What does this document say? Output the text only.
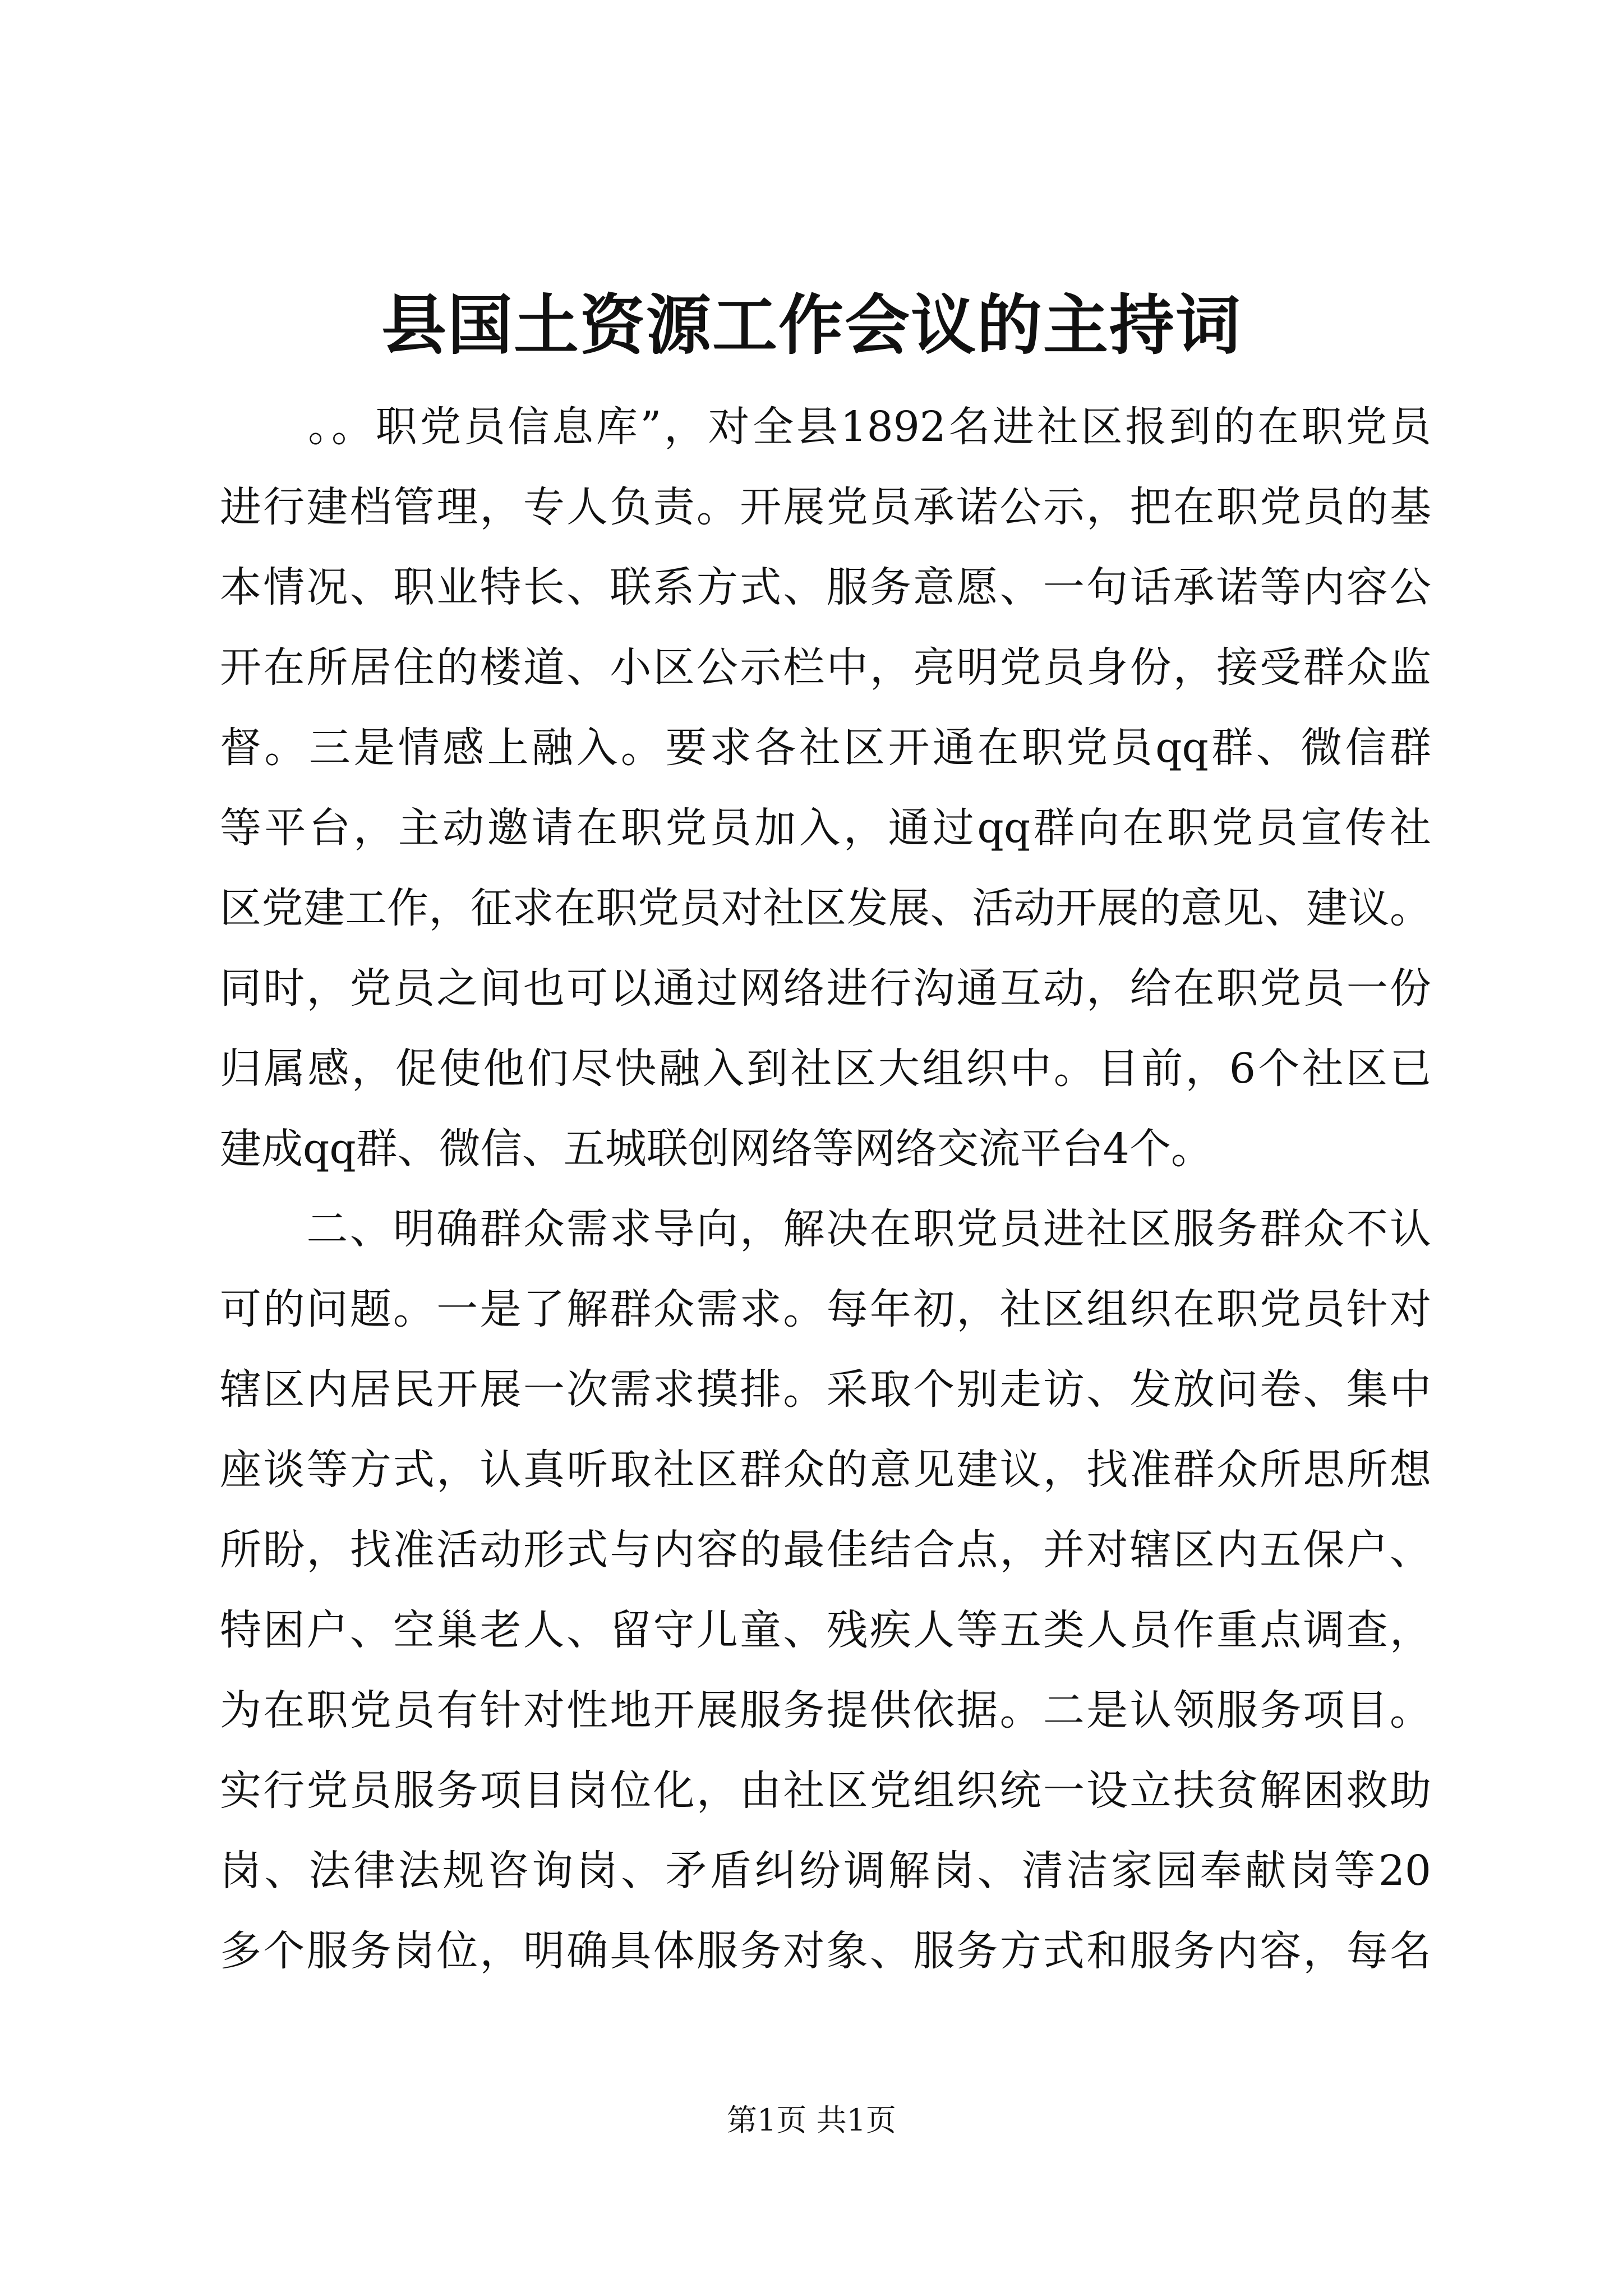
县国土资源工作会议的主持词
　　。。职党员信息库”，对全县1892名进社区报到的在职党员
进行建档管理，专人负责。开展党员承诺公示，把在职党员的基
本情况、职业特长、联系方式、服务意愿、一句话承诺等内容公
开在所居住的楼道、小区公示栏中，亮明党员身份，接受群众监
督。三是情感上融入。要求各社区开通在职党员qq群、微信群
等平台，主动邀请在职党员加入，通过qq群向在职党员宣传社
区党建工作，征求在职党员对社区发展、活动开展的意见、建议。
同时，党员之间也可以通过网络进行沟通互动，给在职党员一份
归属感，促使他们尽快融入到社区大组织中。目前，6个社区已
建成qq群、微信、五城联创网络等网络交流平台4个。
　　二、明确群众需求导向，解决在职党员进社区服务群众不认
可的问题。一是了解群众需求。每年初，社区组织在职党员针对
辖区内居民开展一次需求摸排。采取个别走访、发放问卷、集中
座谈等方式，认真听取社区群众的意见建议，找准群众所思所想
所盼，找准活动形式与内容的最佳结合点，并对辖区内五保户、
特困户、空巢老人、留守儿童、残疾人等五类人员作重点调查，
为在职党员有针对性地开展服务提供依据。二是认领服务项目。
实行党员服务项目岗位化，由社区党组织统一设立扶贫解困救助
岗、法律法规咨询岗、矛盾纠纷调解岗、清洁家园奉献岗等20
多个服务岗位，明确具体服务对象、服务方式和服务内容，每名
第1页 共1页
